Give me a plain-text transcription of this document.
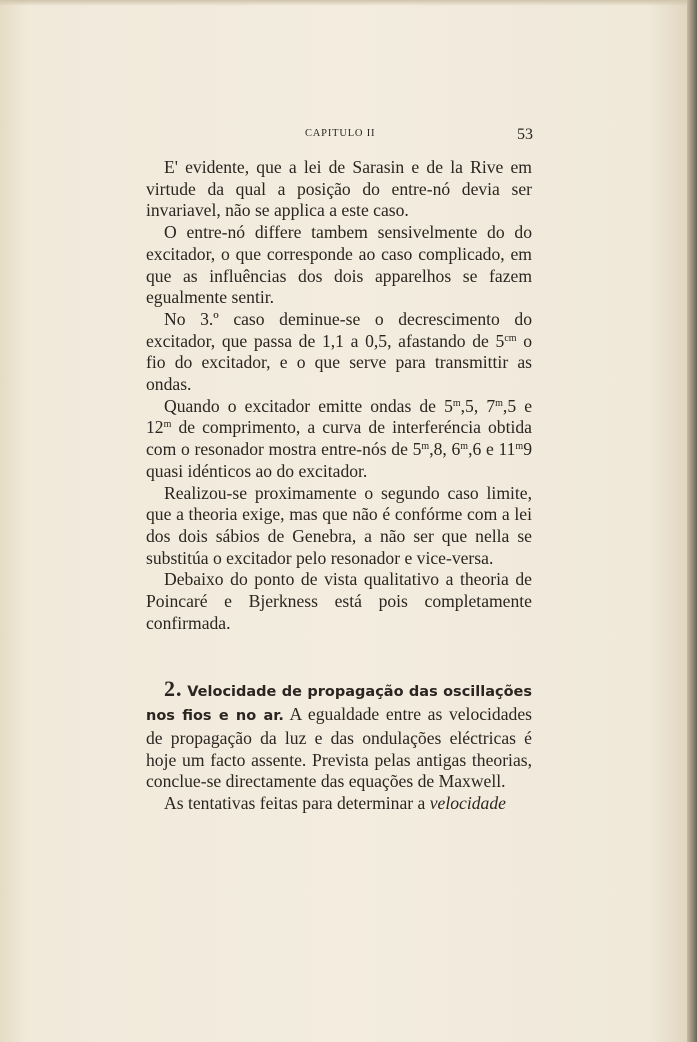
CAPITULO II	53

E' evidente, que a lei de Sarasin e de la Rive em virtude da qual a posição do entre-nó devia ser invariavel, não se applica a este caso.

O entre-nó differe tambem sensivelmente do do excitador, o que corresponde ao caso complicado, em que as influências dos dois apparelhos se fazem egualmente sentir.

No 3.º caso deminue-se o decrescimento do excitador, que passa de 1,1 a 0,5, afastando de $5^{cm}$ o fio do excitador, e o que serve para transmittir as ondas.

Quando o excitador emitte ondas de 5$^m$,5, 7$^m$,5 e 12$^m$ de comprimento, a curva de interferéncia obtida com o resonador mostra entre-nós de 5$^m$,8, 6$^m$,6 e 11$^m$9 quasi idénticos ao do excitador.

Realizou-se proximamente o segundo caso limite, que a theoria exige, mas que não é confórme com a lei dos dois sábios de Genebra, a não ser que nella se substitúa o excitador pelo resonador e vice-versa.

Debaixo do ponto de vista qualitativo a theoria de Poincaré e Bjerkness está pois completamente confirmada.

2. Velocidade de propagação das oscillações nos fios e no ar. A egualdade entre as velocidades de propagação da luz e das ondulações eléctricas é hoje um facto assente. Prevista pelas antigas theorias, conclue-se directamente das equações de Maxwell.

As tentativas feitas para determinar a velocidade
